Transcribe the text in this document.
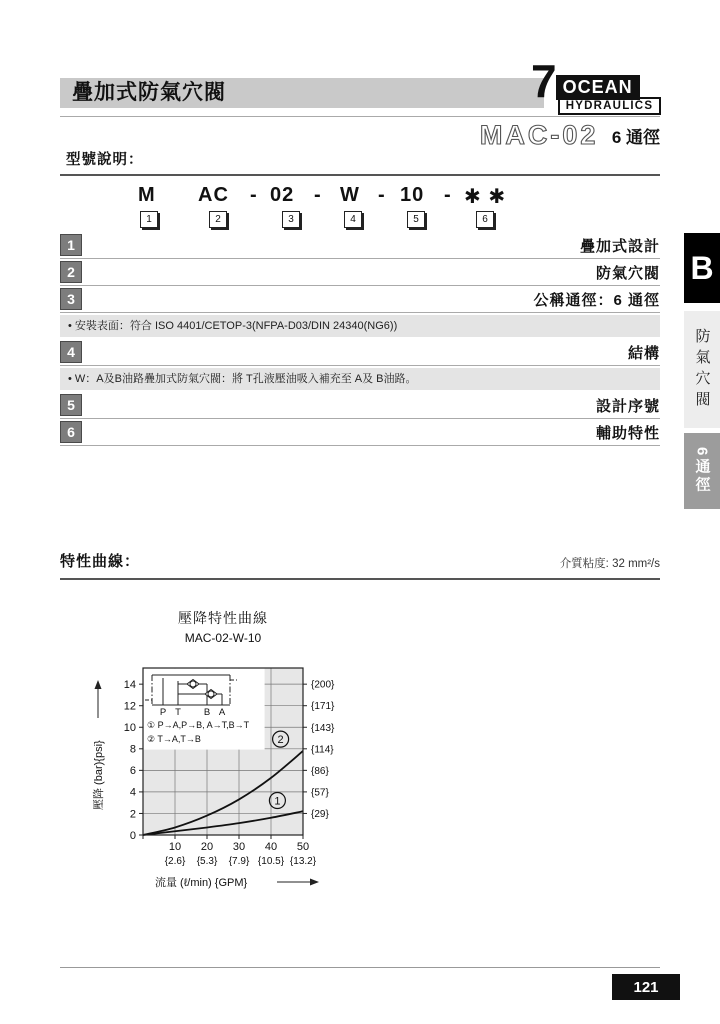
疊加式防氣穴閥	7 OCEAN
HYDRAULICS
MAC-02 6 通徑
型號說明：
M AC - 02 - W - 10 - ✱ ✱
1	2	3	4	5	6
1	疊加式設計
2	防氣穴閥
3	公稱通徑：6 通徑
• 安裝表面：符合 ISO 4401/CETOP-3(NFPA-D03/DIN 24340(NG6))
4	結構
• W：A及B油路疊加式防氣穴閥：將 T孔液壓油吸入補充至 A及 B油路。
5	設計序號
6	輔助特性
B
防氣穴閥
6通徑
特性曲線：	介質粘度: 32 mm²/s
壓降特性曲線
MAC-02-W-10
P T B A
① P→A,P→B, A→T,B→T
② T→A,T→B
1
2
0
2
4
6
8
10
12
14
{29}
{57}
{86}
{114}
{143}
{171}
{200}
10
{2.6}
20
{5.3}
30
{7.9}
40
{10.5}
50
{13.2}
流量 (ℓ/min) {GPM}
壓降 (bar){psi}
121
